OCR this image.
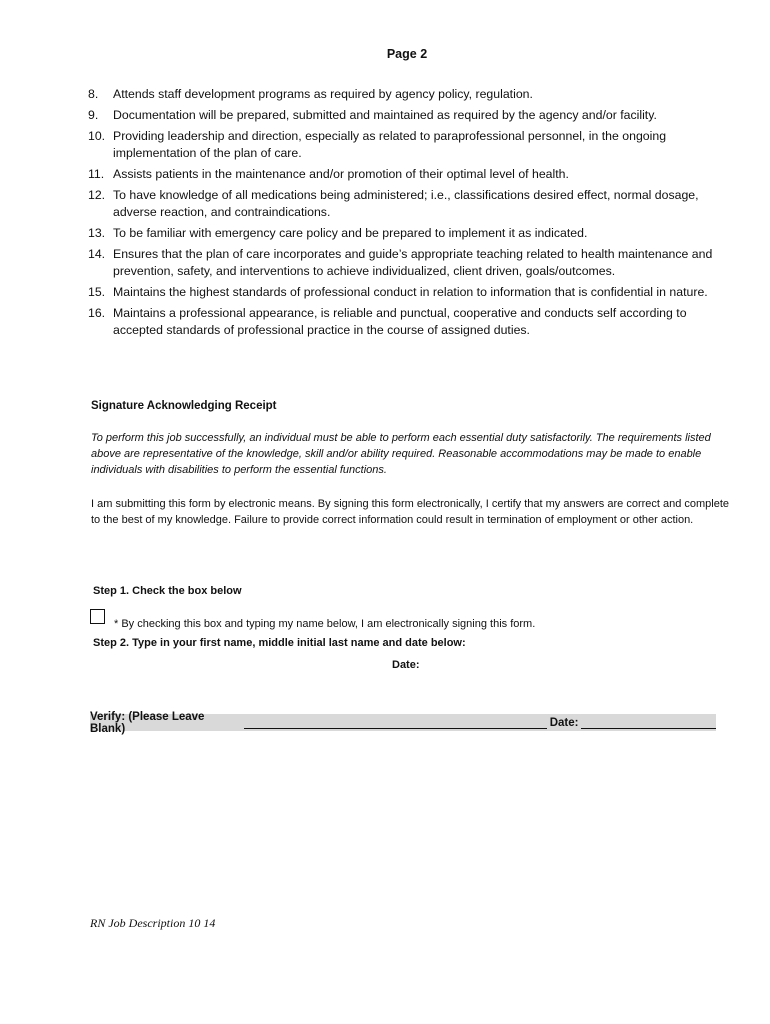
Page 2
8.	Attends staff development programs as required by agency policy, regulation.
9.	Documentation will be prepared, submitted and maintained as required by the agency and/or facility.
10. Providing leadership and direction, especially as related to paraprofessional personnel, in the ongoing implementation of the plan of care.
11. Assists patients in the maintenance and/or promotion of their optimal level of health.
12. To have knowledge of all medications being administered; i.e., classifications desired effect, normal dosage, adverse reaction, and contraindications.
13. To be familiar with emergency care policy and be prepared to implement it as indicated.
14. Ensures that the plan of care incorporates and guide’s appropriate teaching related to health maintenance and prevention, safety, and interventions to achieve individualized, client driven, goals/outcomes.
15. Maintains the highest standards of professional conduct in relation to information that is confidential in nature.
16. Maintains a professional appearance, is reliable and punctual, cooperative and conducts self according to accepted standards of professional practice in the course of assigned duties.
Signature Acknowledging Receipt
To perform this job successfully, an individual must be able to perform each essential duty satisfactorily. The requirements listed above are representative of the knowledge, skill and/or ability required. Reasonable accommodations may be made to enable individuals with disabilities to perform the essential functions.
I am submitting this form by electronic means. By signing this form electronically, I certify that my answers are correct and complete to the best of my knowledge. Failure to provide correct information could result in termination of employment or other action.
Step 1. Check the box below
* By checking this box and typing my name below, I am electronically signing this form.
Step 2. Type in your first name, middle initial last name and date below:
Date:
Verify: (Please Leave Blank)	Date:
RN Job Description 10 14
